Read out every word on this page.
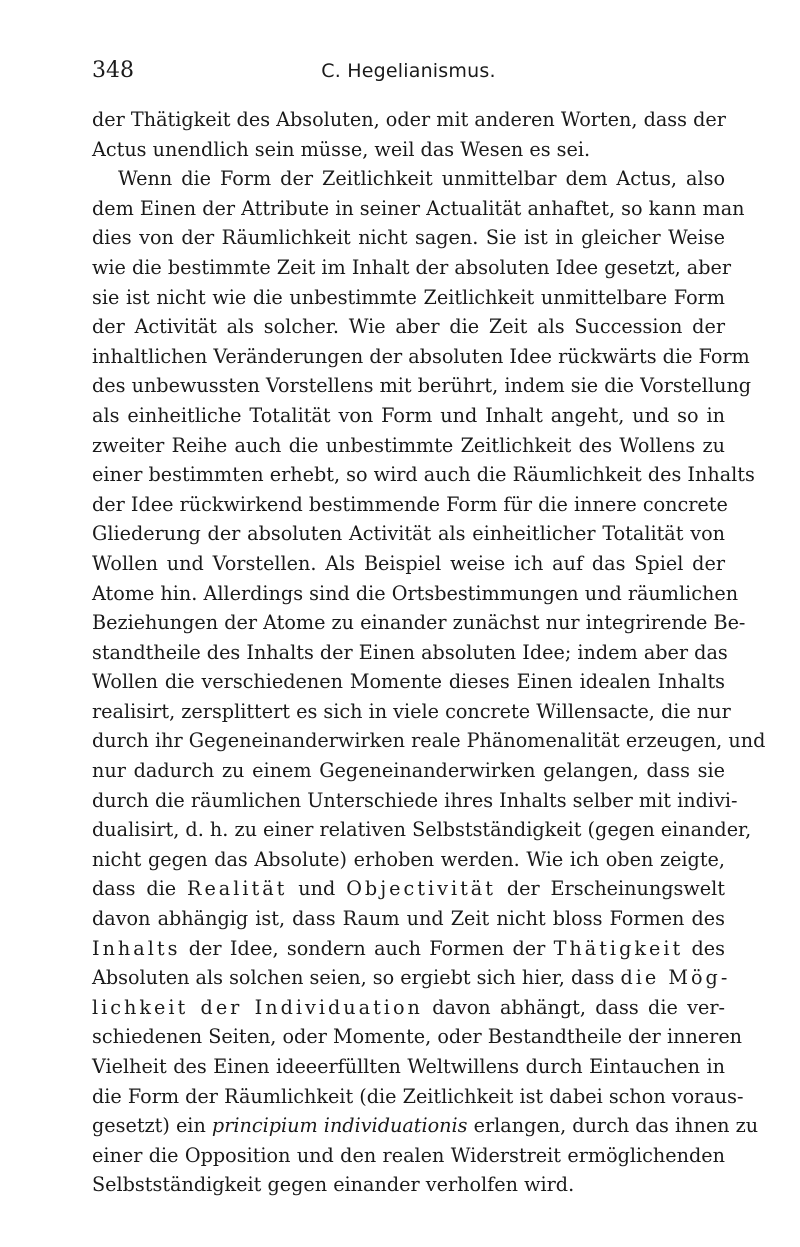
348	C. Hegelianismus.
der Thätigkeit des Absoluten, oder mit anderen Worten, dass der
Actus unendlich sein müsse, weil das Wesen es sei.
Wenn die Form der Zeitlichkeit unmittelbar dem Actus, also
dem Einen der Attribute in seiner Actualität anhaftet, so kann man
dies von der Räumlichkeit nicht sagen. Sie ist in gleicher Weise
wie die bestimmte Zeit im Inhalt der absoluten Idee gesetzt, aber
sie ist nicht wie die unbestimmte Zeitlichkeit unmittelbare Form
der Activität als solcher. Wie aber die Zeit als Succession der
inhaltlichen Veränderungen der absoluten Idee rückwärts die Form
des unbewussten Vorstellens mit berührt, indem sie die Vorstellung
als einheitliche Totalität von Form und Inhalt angeht, und so in
zweiter Reihe auch die unbestimmte Zeitlichkeit des Wollens zu
einer bestimmten erhebt, so wird auch die Räumlichkeit des Inhalts
der Idee rückwirkend bestimmende Form für die innere concrete
Gliederung der absoluten Activität als einheitlicher Totalität von
Wollen und Vorstellen. Als Beispiel weise ich auf das Spiel der
Atome hin. Allerdings sind die Ortsbestimmungen und räumlichen
Beziehungen der Atome zu einander zunächst nur integrirende Be-
standtheile des Inhalts der Einen absoluten Idee; indem aber das
Wollen die verschiedenen Momente dieses Einen idealen Inhalts
realisirt, zersplittert es sich in viele concrete Willensacte, die nur
durch ihr Gegeneinanderwirken reale Phänomenalität erzeugen, und
nur dadurch zu einem Gegeneinanderwirken gelangen, dass sie
durch die räumlichen Unterschiede ihres Inhalts selber mit indivi-
dualisirt, d. h. zu einer relativen Selbstständigkeit (gegen einander,
nicht gegen das Absolute) erhoben werden. Wie ich oben zeigte,
dass die Realität und Objectivität der Erscheinungswelt
davon abhängig ist, dass Raum und Zeit nicht bloss Formen des
Inhalts der Idee, sondern auch Formen der Thätigkeit des
Absoluten als solchen seien, so ergiebt sich hier, dass die Mög-
lichkeit der Individuation davon abhängt, dass die ver-
schiedenen Seiten, oder Momente, oder Bestandtheile der inneren
Vielheit des Einen ideeerfüllten Weltwillens durch Eintauchen in
die Form der Räumlichkeit (die Zeitlichkeit ist dabei schon voraus-
gesetzt) ein principium individuationis erlangen, durch das ihnen zu
einer die Opposition und den realen Widerstreit ermöglichenden
Selbstständigkeit gegen einander verholfen wird.
